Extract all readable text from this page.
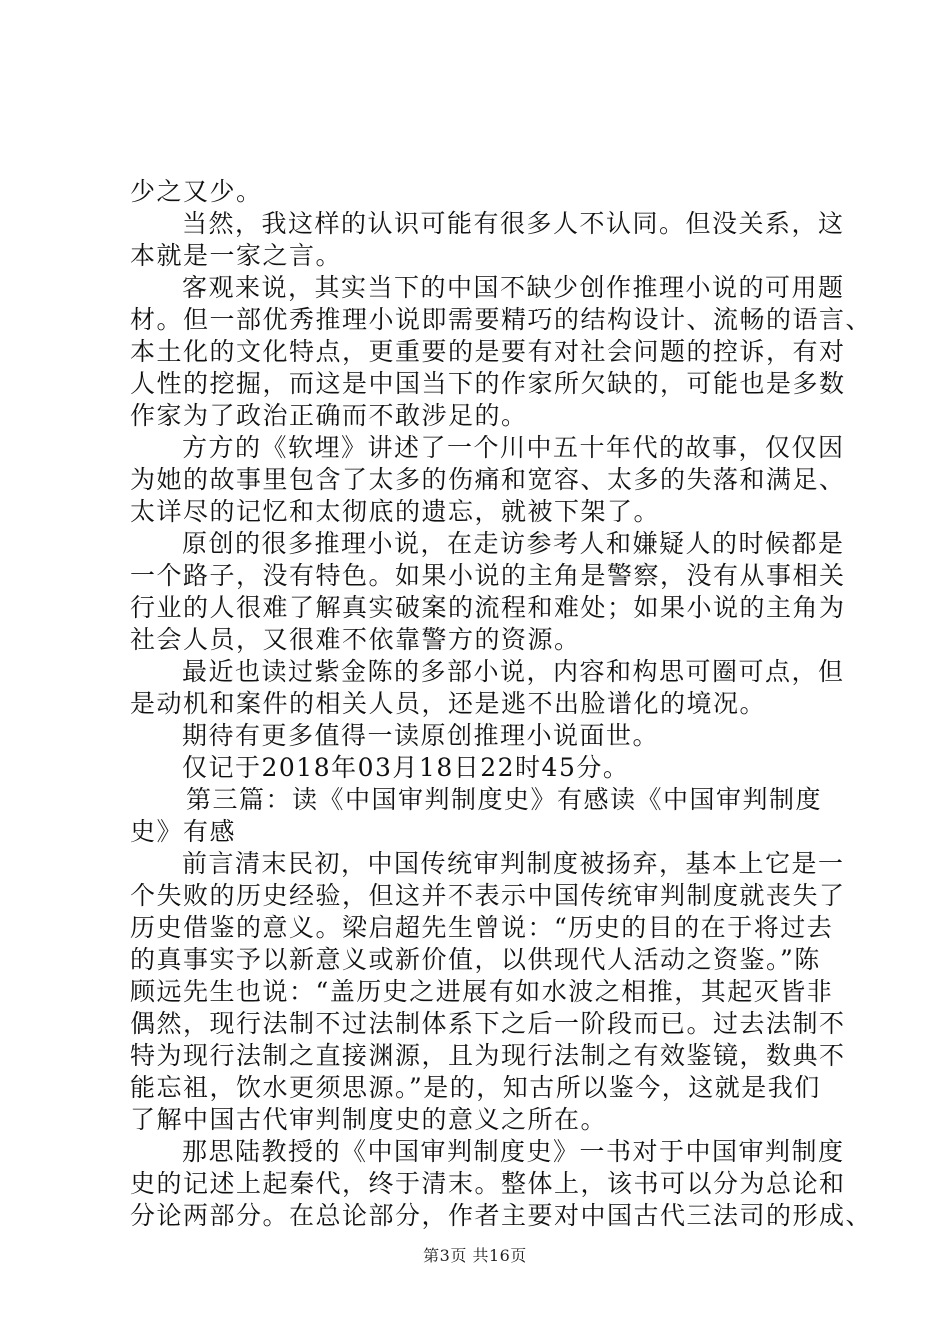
少之又少。
当然，我这样的认识可能有很多人不认同。但没关系，这
本就是一家之言。
客观来说，其实当下的中国不缺少创作推理小说的可用题
材。但一部优秀推理小说即需要精巧的结构设计、流畅的语言、
本土化的文化特点，更重要的是要有对社会问题的控诉，有对
人性的挖掘，而这是中国当下的作家所欠缺的，可能也是多数
作家为了政治正确而不敢涉足的。
方方的《软埋》讲述了一个川中五十年代的故事，仅仅因
为她的故事里包含了太多的伤痛和宽容、太多的失落和满足、
太详尽的记忆和太彻底的遗忘，就被下架了。
原创的很多推理小说，在走访参考人和嫌疑人的时候都是
一个路子，没有特色。如果小说的主角是警察，没有从事相关
行业的人很难了解真实破案的流程和难处；如果小说的主角为
社会人员，又很难不依靠警方的资源。
最近也读过紫金陈的多部小说，内容和构思可圈可点，但
是动机和案件的相关人员，还是逃不出脸谱化的境况。
期待有更多值得一读原创推理小说面世。
仅记于2018年03月18日22时45分。
第三篇：读《中国审判制度史》有感读《中国审判制度
史》有感
前言清末民初，中国传统审判制度被扬弃，基本上它是一
个失败的历史经验，但这并不表示中国传统审判制度就丧失了
历史借鉴的意义。梁启超先生曾说：“历史的目的在于将过去
的真事实予以新意义或新价值，以供现代人活动之资鉴。”陈
顾远先生也说：“盖历史之进展有如水波之相推，其起灭皆非
偶然，现行法制不过法制体系下之后一阶段而已。过去法制不
特为现行法制之直接渊源，且为现行法制之有效鉴镜，数典不
能忘祖，饮水更须思源。”是的，知古所以鉴今，这就是我们
了解中国古代审判制度史的意义之所在。
那思陆教授的《中国审判制度史》一书对于中国审判制度
史的记述上起秦代，终于清末。整体上，该书可以分为总论和
分论两部分。在总论部分，作者主要对中国古代三法司的形成、
第3页 共16页
